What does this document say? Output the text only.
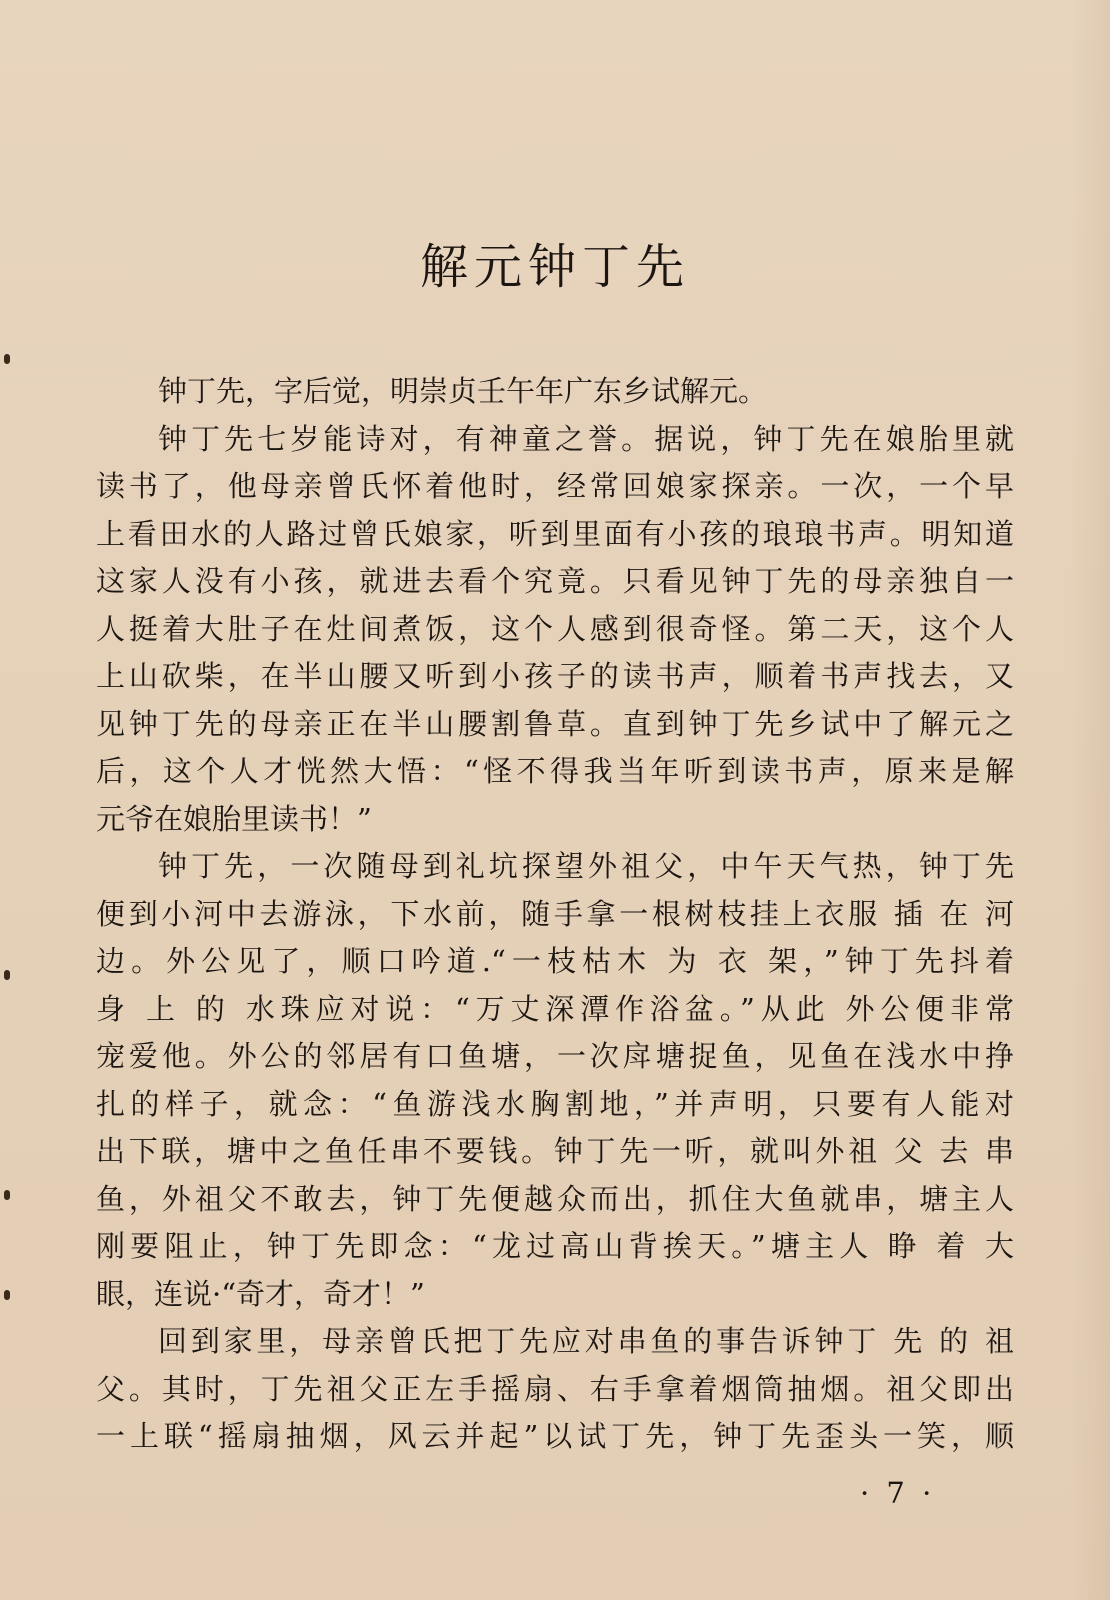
解元钟丁先
钟丁先，字后觉，明崇贞壬午年广东乡试解元。
钟丁先七岁能诗对，有神童之誉。据说，钟丁先在娘胎里就
读书了，他母亲曾氏怀着他时，经常回娘家探亲。一次，一个早
上看田水的人路过曾氏娘家，听到里面有小孩的琅琅书声。明知道
这家人没有小孩，就进去看个究竟。只看见钟丁先的母亲独自一
人挺着大肚子在灶间煮饭，这个人感到很奇怪。第二天，这个人
上山砍柴，在半山腰又听到小孩子的读书声，顺着书声找去，又
见钟丁先的母亲正在半山腰割鲁草。直到钟丁先乡试中了解元之
后，这个人才恍然大悟：“怪不得我当年听到读书声，原来是解
元爷在娘胎里读书！”
钟丁先，一次随母到礼坑探望外祖父，中午天气热，钟丁先
便到小河中去游泳，下水前，随手拿一根树枝挂上衣服 插 在 河
边。外公见了，顺口吟道.“一枝枯木 为 衣 架，”钟丁先抖着
身 上 的 水珠应对说：“万丈深潭作浴盆。”从此 外公便非常
宠爱他。外公的邻居有口鱼塘，一次戽塘捉鱼，见鱼在浅水中挣
扎的样子，就念：“鱼游浅水胸割地，”并声明，只要有人能对
出下联，塘中之鱼任串不要钱。钟丁先一听，就叫外祖 父 去 串
鱼，外祖父不敢去，钟丁先便越众而出，抓住大鱼就串，塘主人
刚要阻止，钟丁先即念：“龙过高山背挨天。”塘主人 睁 着 大
眼，连说·“奇才，奇才！”
回到家里，母亲曾氏把丁先应对串鱼的事告诉钟丁 先 的 祖
父。其时，丁先祖父正左手摇扇、右手拿着烟筒抽烟。祖父即出
一上联“摇扇抽烟，风云并起”以试丁先，钟丁先歪头一笑，顺
· 7 ·
